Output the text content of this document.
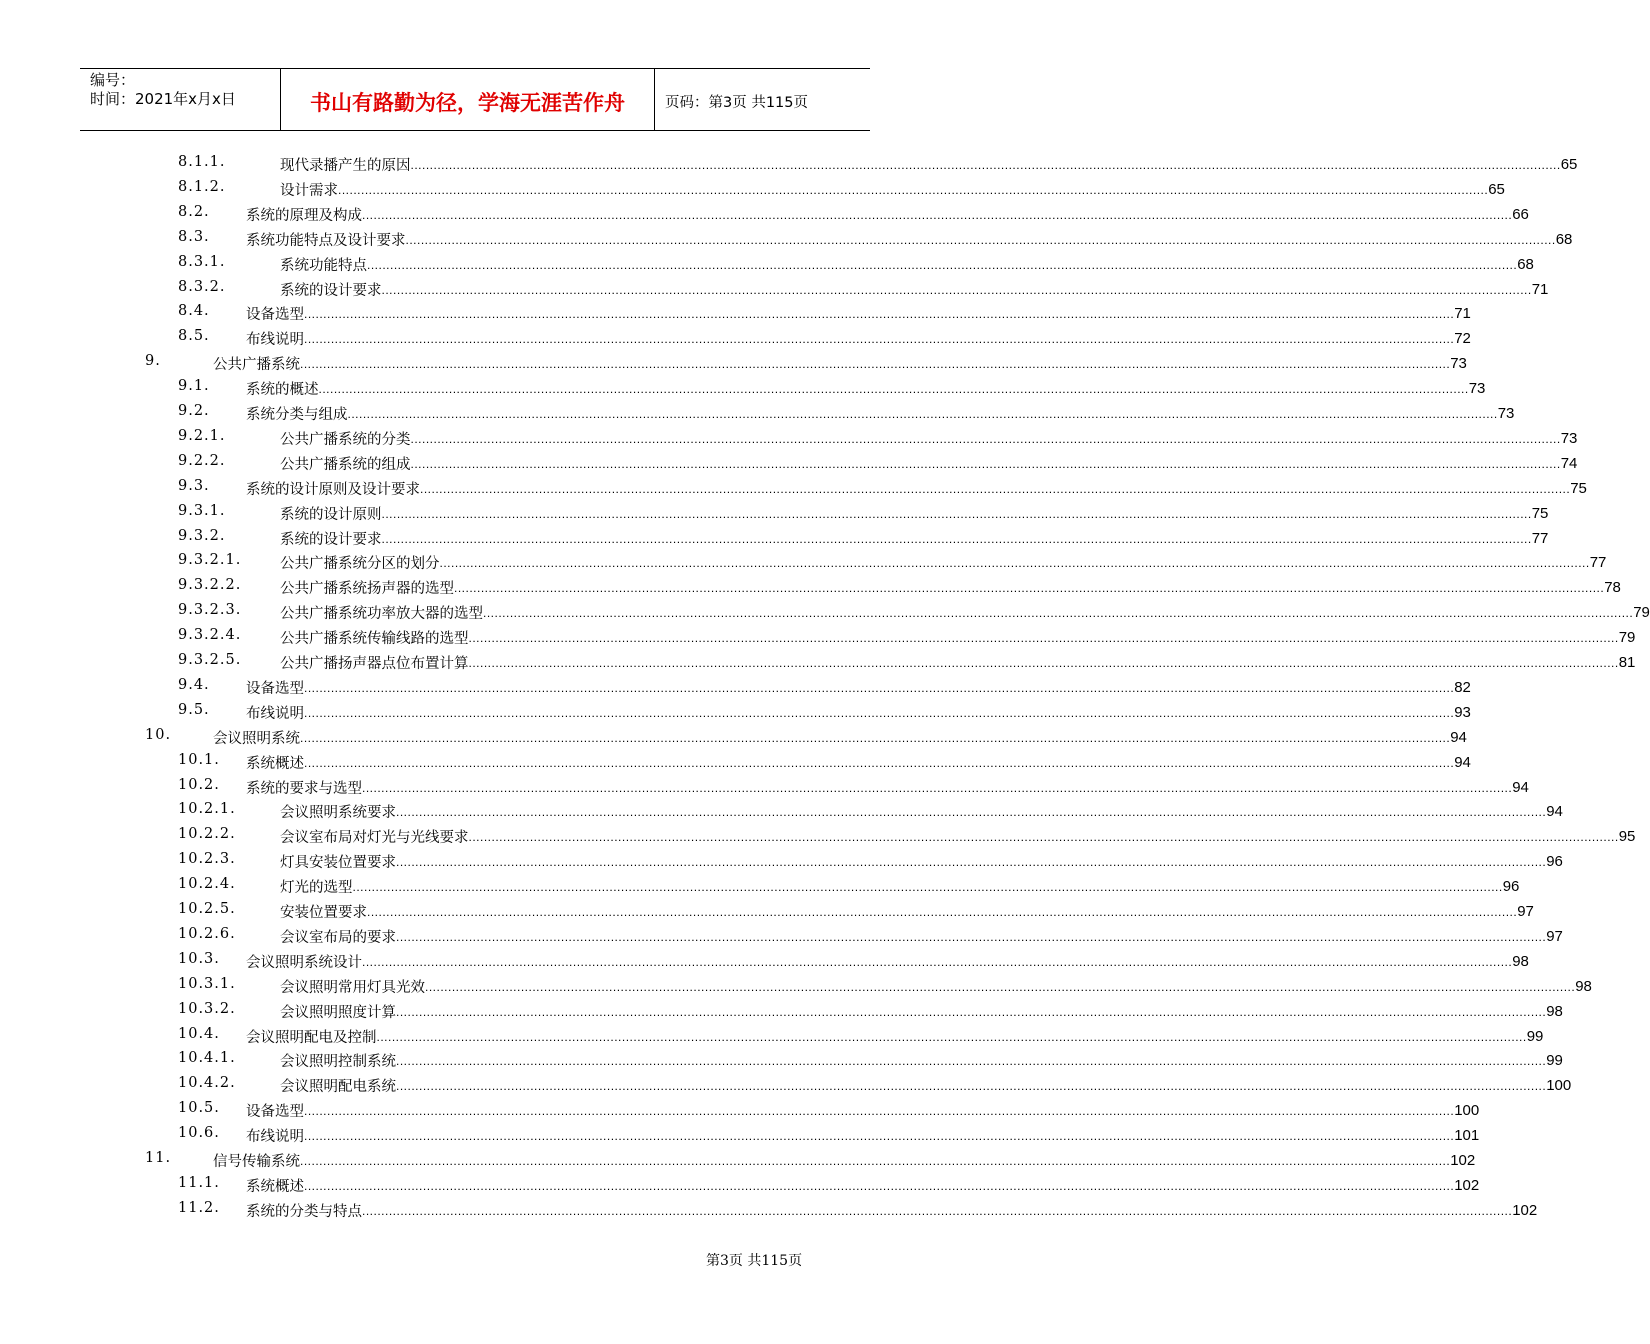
编号：
时间：2021年x月x日	书山有路勤为径，学海无涯苦作舟	页码：第3页 共115页
8.1.1.	现代录播产生的原因 ............................................................................................................................................................................................................................................................................................................ 65
8.1.2.	设计需求 ............................................................................................................................................................................................................................................................................................................ 65
8.2.	系统的原理及构成 ............................................................................................................................................................................................................................................................................................................ 66
8.3.	系统功能特点及设计要求 ............................................................................................................................................................................................................................................................................................................ 68
8.3.1.	系统功能特点 ............................................................................................................................................................................................................................................................................................................ 68
8.3.2.	系统的设计要求 ............................................................................................................................................................................................................................................................................................................ 71
8.4.	设备选型 ............................................................................................................................................................................................................................................................................................................ 71
8.5.	布线说明 ............................................................................................................................................................................................................................................................................................................ 72
9.	公共广播系统 ............................................................................................................................................................................................................................................................................................................ 73
9.1.	系统的概述 ............................................................................................................................................................................................................................................................................................................ 73
9.2.	系统分类与组成 ............................................................................................................................................................................................................................................................................................................ 73
9.2.1.	公共广播系统的分类 ............................................................................................................................................................................................................................................................................................................ 73
9.2.2.	公共广播系统的组成 ............................................................................................................................................................................................................................................................................................................ 74
9.3.	系统的设计原则及设计要求 ............................................................................................................................................................................................................................................................................................................ 75
9.3.1.	系统的设计原则 ............................................................................................................................................................................................................................................................................................................ 75
9.3.2.	系统的设计要求 ............................................................................................................................................................................................................................................................................................................ 77
9.3.2.1.	公共广播系统分区的划分 ............................................................................................................................................................................................................................................................................................................ 77
9.3.2.2.	公共广播系统扬声器的选型 ............................................................................................................................................................................................................................................................................................................ 78
9.3.2.3.	公共广播系统功率放大器的选型 ............................................................................................................................................................................................................................................................................................................ 79
9.3.2.4.	公共广播系统传输线路的选型 ............................................................................................................................................................................................................................................................................................................ 79
9.3.2.5.	公共广播扬声器点位布置计算 ............................................................................................................................................................................................................................................................................................................ 81
9.4.	设备选型 ............................................................................................................................................................................................................................................................................................................ 82
9.5.	布线说明 ............................................................................................................................................................................................................................................................................................................ 93
10.	会议照明系统 ............................................................................................................................................................................................................................................................................................................ 94
10.1. 系统概述 ............................................................................................................................................................................................................................................................................................................ 94
10.2. 系统的要求与选型 ............................................................................................................................................................................................................................................................................................................ 94
10.2.1.	会议照明系统要求 ............................................................................................................................................................................................................................................................................................................ 94
10.2.2.	会议室布局对灯光与光线要求 ............................................................................................................................................................................................................................................................................................................ 95
10.2.3.	灯具安装位置要求 ............................................................................................................................................................................................................................................................................................................ 96
10.2.4.	灯光的选型 ............................................................................................................................................................................................................................................................................................................ 96
10.2.5.	安装位置要求 ............................................................................................................................................................................................................................................................................................................ 97
10.2.6.	会议室布局的要求 ............................................................................................................................................................................................................................................................................................................ 97
10.3. 会议照明系统设计 ............................................................................................................................................................................................................................................................................................................ 98
10.3.1.	会议照明常用灯具光效 ............................................................................................................................................................................................................................................................................................................ 98
10.3.2.	会议照明照度计算 ............................................................................................................................................................................................................................................................................................................ 98
10.4. 会议照明配电及控制 ............................................................................................................................................................................................................................................................................................................ 99
10.4.1.	会议照明控制系统 ............................................................................................................................................................................................................................................................................................................ 99
10.4.2.	会议照明配电系统 ............................................................................................................................................................................................................................................................................................................ 100
10.5. 设备选型 ............................................................................................................................................................................................................................................................................................................ 100
10.6. 布线说明 ............................................................................................................................................................................................................................................................................................................ 101
11.	信号传输系统 ............................................................................................................................................................................................................................................................................................................ 102
11.1. 系统概述 ............................................................................................................................................................................................................................................................................................................ 102
11.2. 系统的分类与特点 ............................................................................................................................................................................................................................................................................................................ 102
第3页 共115页
